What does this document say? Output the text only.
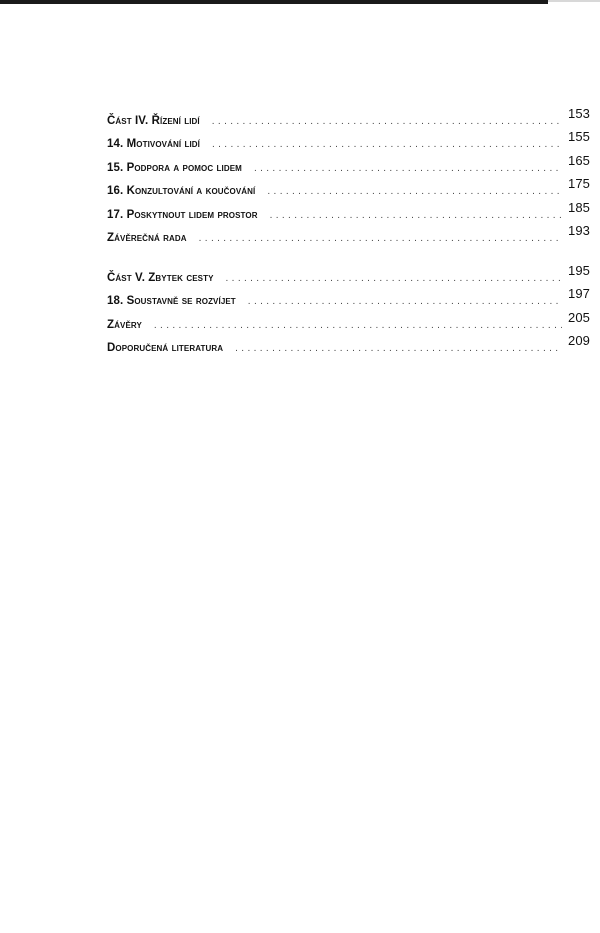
Část IV. Řízení lidí . . .	153
14. Motivování lidí . . .	155
15. Podpora a pomoc lidem . . .	165
16. Konzultování a koučování . . .	175
17. Poskytnout lidem prostor . . .	185
Závěrečná rada . . .	193
Část V. Zbytek cesty . . .	195
18. Soustavně se rozvíjet . . .	197
Závěry . . .	205
Doporučená literatura . . .	209
